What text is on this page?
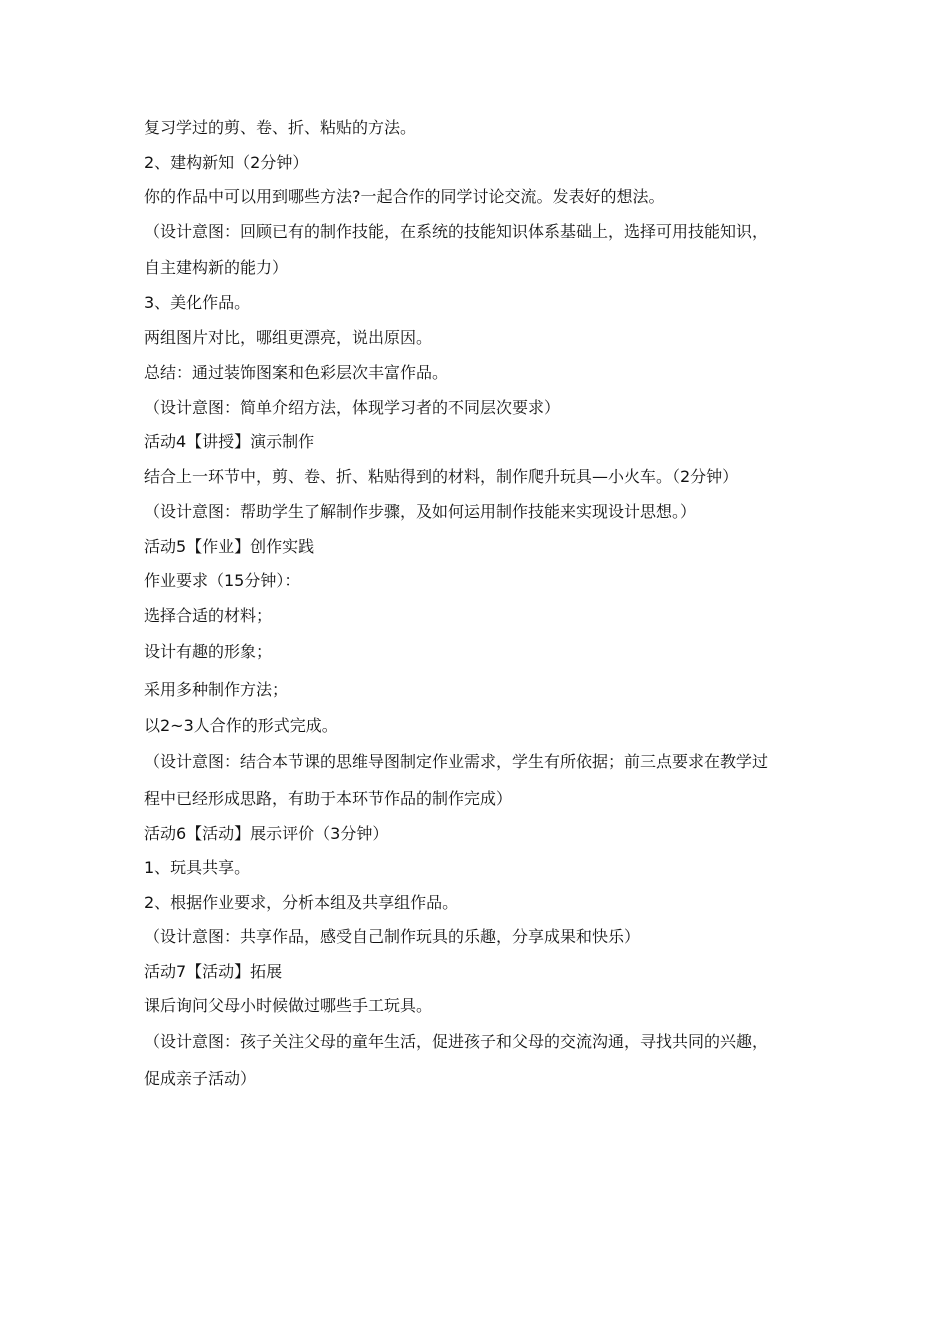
复习学过的剪、卷、折、粘贴的方法。
2、建构新知（2分钟）
你的作品中可以用到哪些方法?一起合作的同学讨论交流。发表好的想法。
（设计意图：回顾已有的制作技能，在系统的技能知识体系基础上，选择可用技能知识，
自主建构新的能力）
3、美化作品。
两组图片对比，哪组更漂亮，说出原因。
总结：通过装饰图案和色彩层次丰富作品。
（设计意图：简单介绍方法，体现学习者的不同层次要求）
活动4【讲授】演示制作
结合上一环节中，剪、卷、折、粘贴得到的材料，制作爬升玩具—小火车。（2分钟）
（设计意图：帮助学生了解制作步骤，及如何运用制作技能来实现设计思想。）
活动5【作业】创作实践
作业要求（15分钟）：
选择合适的材料；
设计有趣的形象；
采用多种制作方法；
以2~3人合作的形式完成。
（设计意图：结合本节课的思维导图制定作业需求，学生有所依据；前三点要求在教学过
程中已经形成思路，有助于本环节作品的制作完成）
活动6【活动】展示评价（3分钟）
1、玩具共享。
2、根据作业要求，分析本组及共享组作品。
（设计意图：共享作品，感受自己制作玩具的乐趣，分享成果和快乐）
活动7【活动】拓展
课后询问父母小时候做过哪些手工玩具。
（设计意图：孩子关注父母的童年生活，促进孩子和父母的交流沟通，寻找共同的兴趣，
促成亲子活动）
